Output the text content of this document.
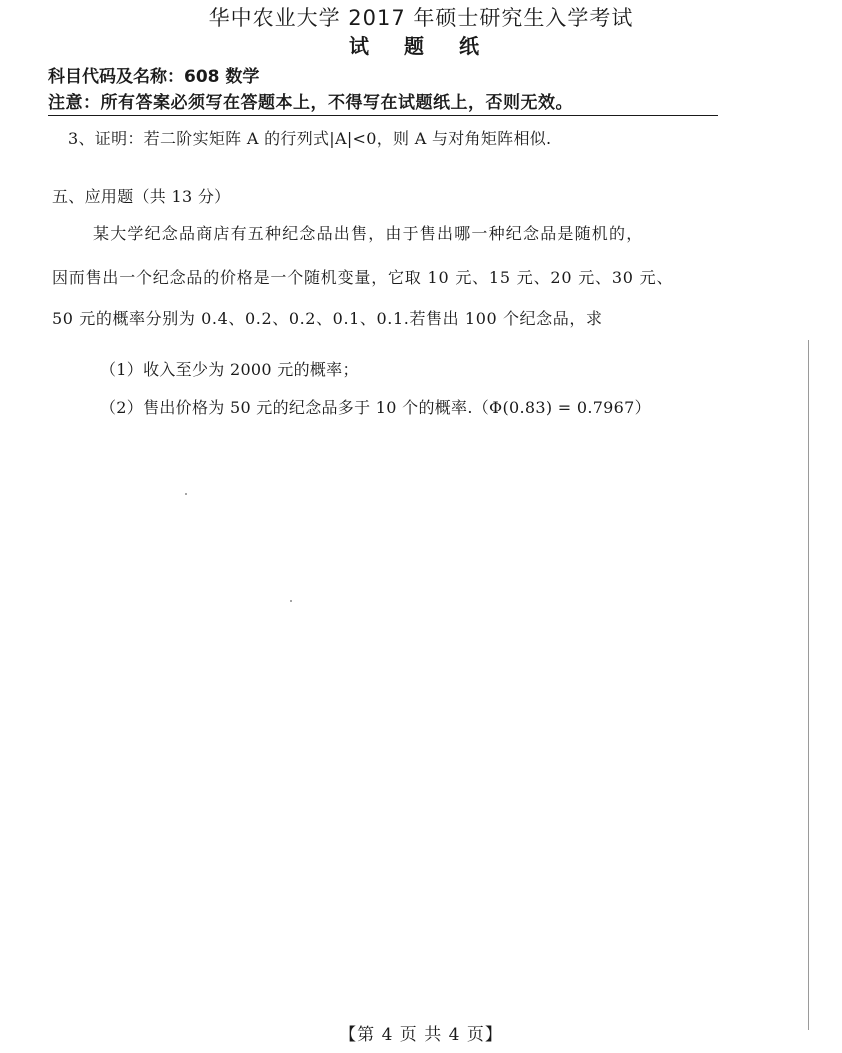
华中农业大学 2017 年硕士研究生入学考试
试 题 纸
科目代码及名称：608 数学
注意：所有答案必须写在答题本上，不得写在试题纸上，否则无效。
3、证明：若二阶实矩阵 A 的行列式|A|<0，则 A 与对角矩阵相似.
五、应用题（共 13 分）
某大学纪念品商店有五种纪念品出售，由于售出哪一种纪念品是随机的，
因而售出一个纪念品的价格是一个随机变量，它取 10 元、15 元、20 元、30 元、
50 元的概率分别为 0.4、0.2、0.2、0.1、0.1.若售出 100 个纪念品，求
（1）收入至少为 2000 元的概率；
（2）售出价格为 50 元的纪念品多于 10 个的概率.（Φ(0.83) = 0.7967）
【第 4 页 共 4 页】
